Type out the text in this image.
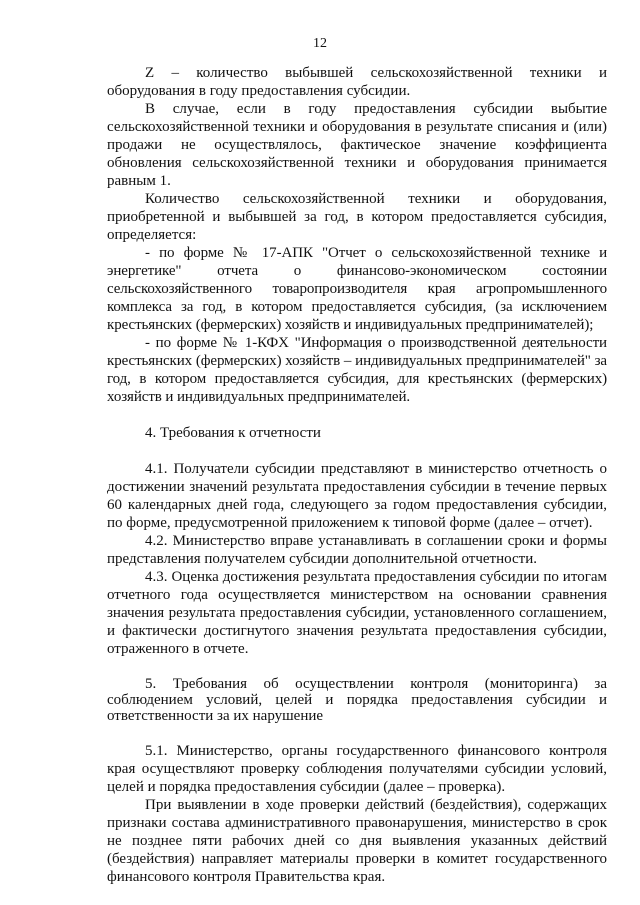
12

Z – количество выбывшей сельскохозяйственной техники и оборудования в году предоставления субсидии.

В случае, если в году предоставления субсидии выбытие сельскохозяйственной техники и оборудования в результате списания и (или) продажи не осуществлялось, фактическое значение коэффициента обновления сельскохозяйственной техники и оборудования принимается равным 1.

Количество сельскохозяйственной техники и оборудования, приобретенной и выбывшей за год, в котором предоставляется субсидия, определяется:

- по форме № 17-АПК "Отчет о сельскохозяйственной технике и энергетике" отчета о финансово-экономическом состоянии сельскохозяйственного товаропроизводителя края агропромышленного комплекса за год, в котором предоставляется субсидия, (за исключением крестьянских (фермерских) хозяйств и индивидуальных предпринимателей);

- по форме № 1-КФХ "Информация о производственной деятельности крестьянских (фермерских) хозяйств – индивидуальных предпринимателей" за год, в котором предоставляется субсидия, для крестьянских (фермерских) хозяйств и индивидуальных предпринимателей.

4. Требования к отчетности

4.1. Получатели субсидии представляют в министерство отчетность о достижении значений результата предоставления субсидии в течение первых 60 календарных дней года, следующего за годом предоставления субсидии, по форме, предусмотренной приложением к типовой форме (далее – отчет).

4.2. Министерство вправе устанавливать в соглашении сроки и формы представления получателем субсидии дополнительной отчетности.

4.3. Оценка достижения результата предоставления субсидии по итогам отчетного года осуществляется министерством на основании сравнения значения результата предоставления субсидии, установленного соглашением, и фактически достигнутого значения результата предоставления субсидии, отраженного в отчете.

5. Требования об осуществлении контроля (мониторинга) за соблюдением условий, целей и порядка предоставления субсидии и ответственности за их нарушение

5.1. Министерство, органы государственного финансового контроля края осуществляют проверку соблюдения получателями субсидии условий, целей и порядка предоставления субсидии (далее – проверка).

При выявлении в ходе проверки действий (бездействия), содержащих признаки состава административного правонарушения, министерство в срок не позднее пяти рабочих дней со дня выявления указанных действий (бездействия) направляет материалы проверки в комитет государственного финансового контроля Правительства края.
